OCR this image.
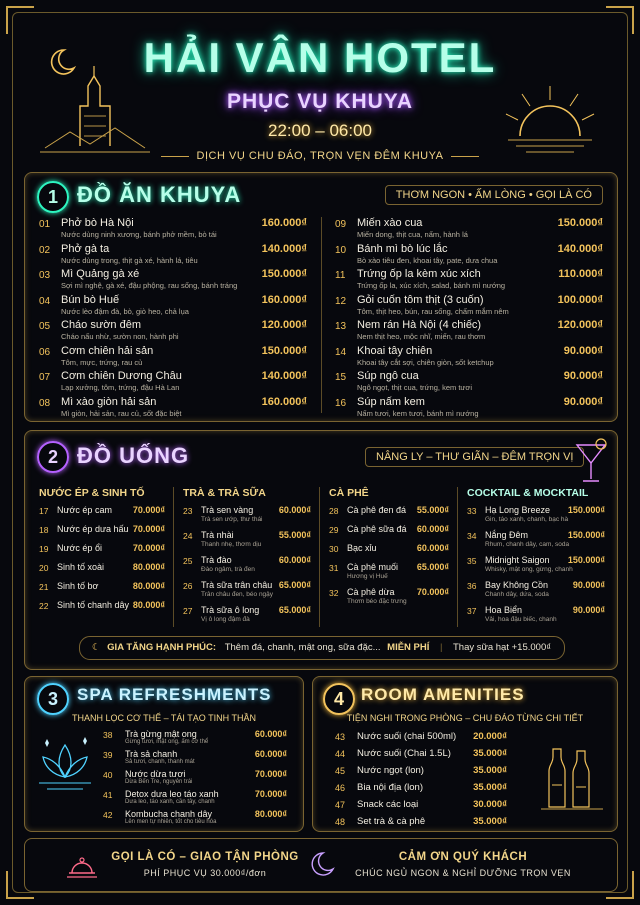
HẢI VÂN HOTEL
PHỤC VỤ KHUYA
22:00 – 06:00
DỊCH VỤ CHU ĐÁO, TRỌN VẸN ĐÊM KHUYA
1 ĐỒ ĂN KHUYA	THƠM NGON • ẤM LÒNG • GỌI LÀ CÓ
01 Phở bò Hà Nội
Nước dùng ninh xương, bánh phở mềm, bò tái
160.000₫
02 Phở gà ta
Nước dùng trong, thịt gà xé, hành lá, tiêu
140.000₫
03 Mì Quảng gà xé
Sợi mì nghệ, gà xé, đậu phộng, rau sống, bánh tráng
150.000₫
04 Bún bò Huế
Nước lèo đậm đà, bò, giò heo, chả lụa
160.000₫
05 Cháo sườn đêm
Cháo nấu nhừ, sườn non, hành phi
120.000₫
06 Cơm chiên hải sản
Tôm, mực, trứng, rau củ
150.000₫
07 Cơm chiên Dương Châu
Lạp xưởng, tôm, trứng, đậu Hà Lan
140.000₫
08 Mì xào giòn hải sản
Mì giòn, hải sản, rau củ, sốt đặc biệt
160.000₫
09 Miến xào cua
Miến dong, thịt cua, nấm, hành lá
150.000₫
10 Bánh mì bò lúc lắc
Bò xào tiêu đen, khoai tây, pate, dưa chua
140.000₫
11 Trứng ốp la kèm xúc xích
Trứng ốp la, xúc xích, salad, bánh mì nướng
110.000₫
12 Gỏi cuốn tôm thịt (3 cuốn)
Tôm, thịt heo, bún, rau sống, chấm mắm nêm
100.000₫
13 Nem rán Hà Nội (4 chiếc)
Nem thịt heo, mộc nhĩ, miến, rau thơm
120.000₫
14 Khoai tây chiên
Khoai tây cắt sợi, chiên giòn, sốt ketchup
90.000₫
15 Súp ngô cua
Ngô ngọt, thịt cua, trứng, kem tươi
90.000₫
16 Súp nấm kem
Nấm tươi, kem tươi, bánh mì nướng
90.000₫
2 ĐỒ UỐNG	NÂNG LY – THƯ GIÃN – ĐÊM TRỌN VỊ
NƯỚC ÉP & SINH TỐ
17 Nước ép cam 70.000₫
18 Nước ép dưa hấu 70.000₫
19 Nước ép ổi	70.000₫
20 Sinh tố xoài	80.000₫
21 Sinh tố bơ	80.000₫
22 Sinh tố chanh dây 80.000₫
TRÀ & TRÀ SỮA
23 Trà sen vàng
Trà sen ướp, thư thái
60.000₫
24 Trà nhài
Thanh nhẹ, thơm dịu
55.000₫
25 Trà đào
Đào ngâm, trà đen
60.000₫
26 Trà sữa trân châu
Trân châu đen, béo ngậy
65.000₫
27 Trà sữa ô long
Vị ô long đậm đà
65.000₫
CÀ PHÊ
28 Cà phê đen đá 55.000₫
29 Cà phê sữa đá 60.000₫
30 Bạc xỉu	60.000₫
31 Cà phê muối
Hương vị Huế
65.000₫
32 Cà phê dừa
Thơm béo đặc trưng
70.000₫
COCKTAIL & MOCKTAIL
33 Hạ Long Breeze
Gin, táo xanh, chanh, bạc hà
150.000₫
34 Nắng Đêm
Rhum, chanh dây, cam, soda
150.000₫
35 Midnight Saigon
Whisky, mật ong, gừng, chanh
150.000₫
36 Bay Không Cồn
Chanh dây, dứa, soda
90.000₫
37 Hoa Biển
Vải, hoa đậu biếc, chanh
90.000₫
☾ GIA TĂNG HẠNH PHÚC: Thêm đá, chanh, mật ong, sữa đặc... MIỄN PHÍ | Thay sữa hạt +15.000₫
3	SPA REFRESHMENTS
THANH LỌC CƠ THỂ – TÁI TẠO TINH THẦN
38 Trà gừng mật ong
Gừng tươi, mật ong, ấm cơ thể
60.000₫
39 Trà sả chanh
Sả tươi, chanh, thanh mát
60.000₫
40 Nước dừa tươi
Dừa Bến Tre, nguyên trái
70.000₫
41 Detox dưa leo táo xanh
Dưa leo, táo xanh, cần tây, chanh
70.000₫
42 Kombucha chanh dây
Lên men tự nhiên, tốt cho tiêu hóa
80.000₫
4	ROOM AMENITIES
TIỆN NGHI TRONG PHÒNG – CHU ĐÁO TỪNG CHI TIẾT
43 Nước suối (chai 500ml) 20.000₫
44 Nước suối (Chai 1.5L) 35.000₫
45 Nước ngọt (lon)	35.000₫
46 Bia nội địa (lon)	35.000₫
47 Snack các loại	30.000₫
48 Set trà & cà phê	35.000₫
GỌI LÀ CÓ – GIAO TẬN PHÒNG
PHÍ PHỤC VỤ 30.000₫/đơn
CẢM ƠN QUÝ KHÁCH
CHÚC NGỦ NGON & NGHỈ DƯỠNG TRỌN VẸN
